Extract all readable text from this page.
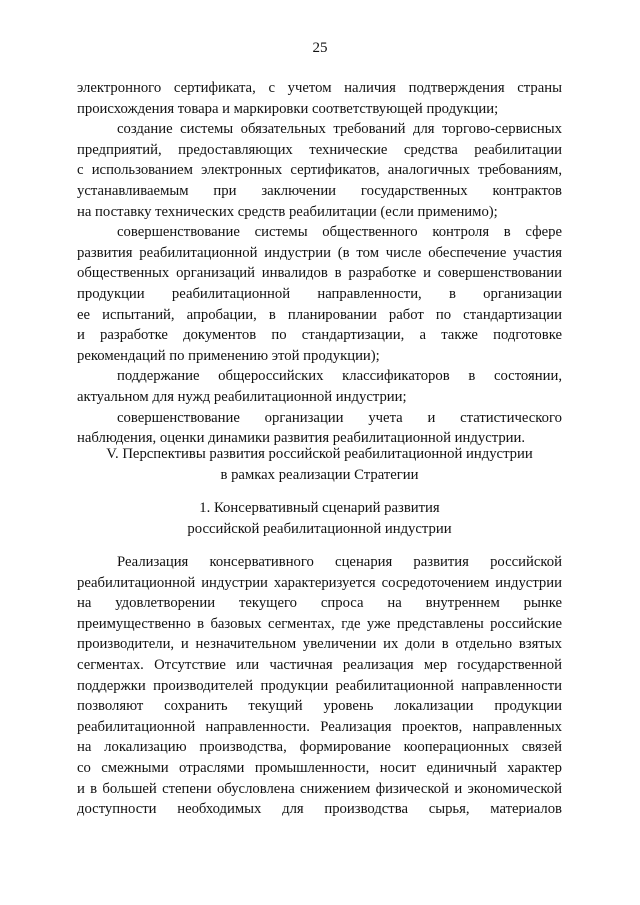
25
электронного сертификата, с учетом наличия подтверждения страны
происхождения товара и маркировки соответствующей продукции;
создание системы обязательных требований для торгово-сервисных
предприятий, предоставляющих технические средства реабилитации
с использованием электронных сертификатов, аналогичных требованиям,
устанавливаемым при заключении государственных контрактов
на поставку технических средств реабилитации (если применимо);
совершенствование системы общественного контроля в сфере
развития реабилитационной индустрии (в том числе обеспечение участия
общественных организаций инвалидов в разработке и совершенствовании
продукции реабилитационной направленности, в организации
ее испытаний, апробации, в планировании работ по стандартизации
и разработке документов по стандартизации, а также подготовке
рекомендаций по применению этой продукции);
поддержание общероссийских классификаторов в состоянии,
актуальном для нужд реабилитационной индустрии;
совершенствование организации учета и статистического
наблюдения, оценки динамики развития реабилитационной индустрии.
V. Перспективы развития российской реабилитационной индустрии
в рамках реализации Стратегии
1. Консервативный сценарий развития
российской реабилитационной индустрии
Реализация консервативного сценария развития российской
реабилитационной индустрии характеризуется сосредоточением индустрии
на удовлетворении текущего спроса на внутреннем рынке
преимущественно в базовых сегментах, где уже представлены российские
производители, и незначительном увеличении их доли в отдельно взятых
сегментах. Отсутствие или частичная реализация мер государственной
поддержки производителей продукции реабилитационной направленности
позволяют сохранить текущий уровень локализации продукции
реабилитационной направленности. Реализация проектов, направленных
на локализацию производства, формирование кооперационных связей
со смежными отраслями промышленности, носит единичный характер
и в большей степени обусловлена снижением физической и экономической
доступности необходимых для производства сырья, материалов
